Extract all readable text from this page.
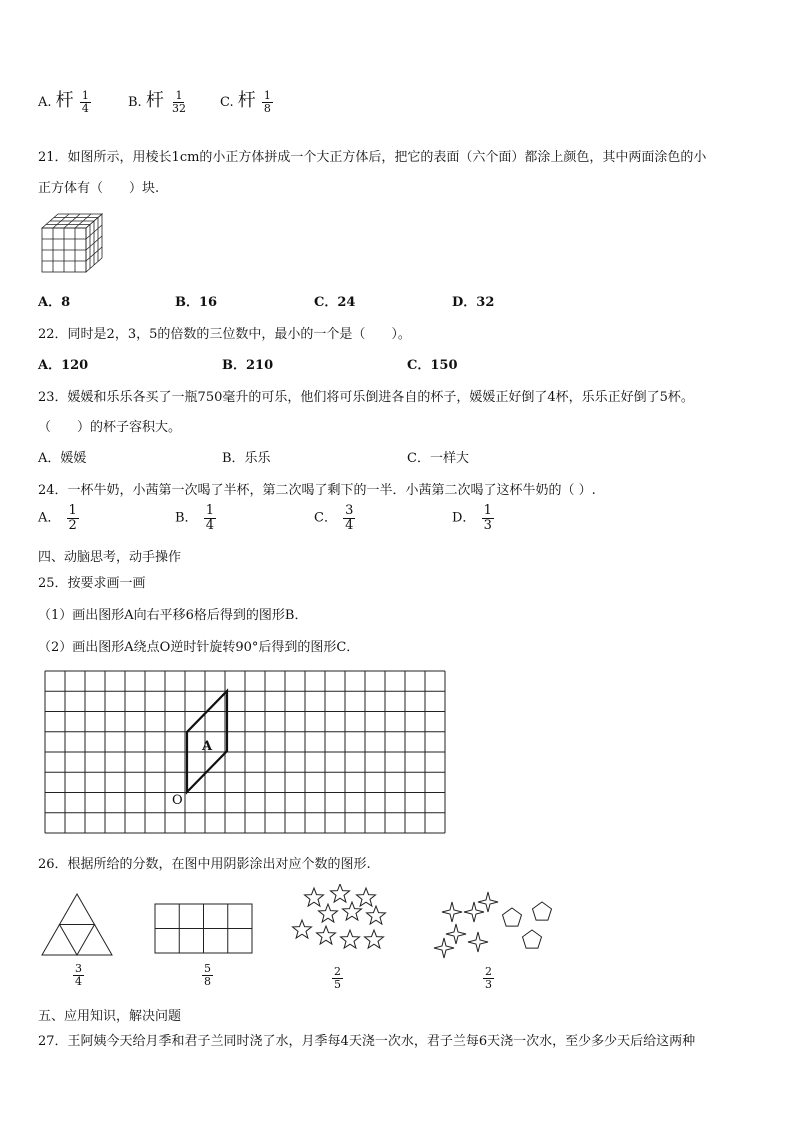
A. 杆 $\frac{1}{4}$	B. 杆 $\frac{1}{32} C$. 杆 $\frac{1}{8}$
21．如图所示，用棱长1cm的小正方体拼成一个大正方体后，把它的表面（六个面）都涂上颜色，其中两面涂色的小
正方体有（　　）块.
A．8	B．16	C．24	D．32
22．同时是2，3，5的倍数的三位数中，最小的一个是（　　）。
A．120	B．210	C．150
23．媛媛和乐乐各买了一瓶750毫升的可乐，他们将可乐倒进各自的杯子，媛媛正好倒了4杯，乐乐正好倒了5杯。
（　　）的杯子容积大。
A．媛媛	B．乐乐	C．一样大
24．一杯牛奶，小茜第一次喝了半杯，第二次喝了剩下的一半．小茜第二次喝了这杯牛奶的（ ）.
A． $\frac{1}{2}$	B． $\frac{1}{4}$	C． $\frac{3}{4}$	D． $\frac{1}{3}$
四、动脑思考，动手操作
25．按要求画一画
（1）画出图形A向右平移6格后得到的图形B．
（2）画出图形A绕点O逆时针旋转90°后得到的图形C．
A
O
26．根据所给的分数，在图中用阴影涂出对应个数的图形.
$\frac{3}{4}$	$\frac{5}{8}$	$\frac{2}{5}$	$\frac{2}{3}$
五、应用知识，解决问题
27．王阿姨今天给月季和君子兰同时浇了水，月季每4天浇一次水，君子兰每6天浇一次水，至少多少天后给这两种
